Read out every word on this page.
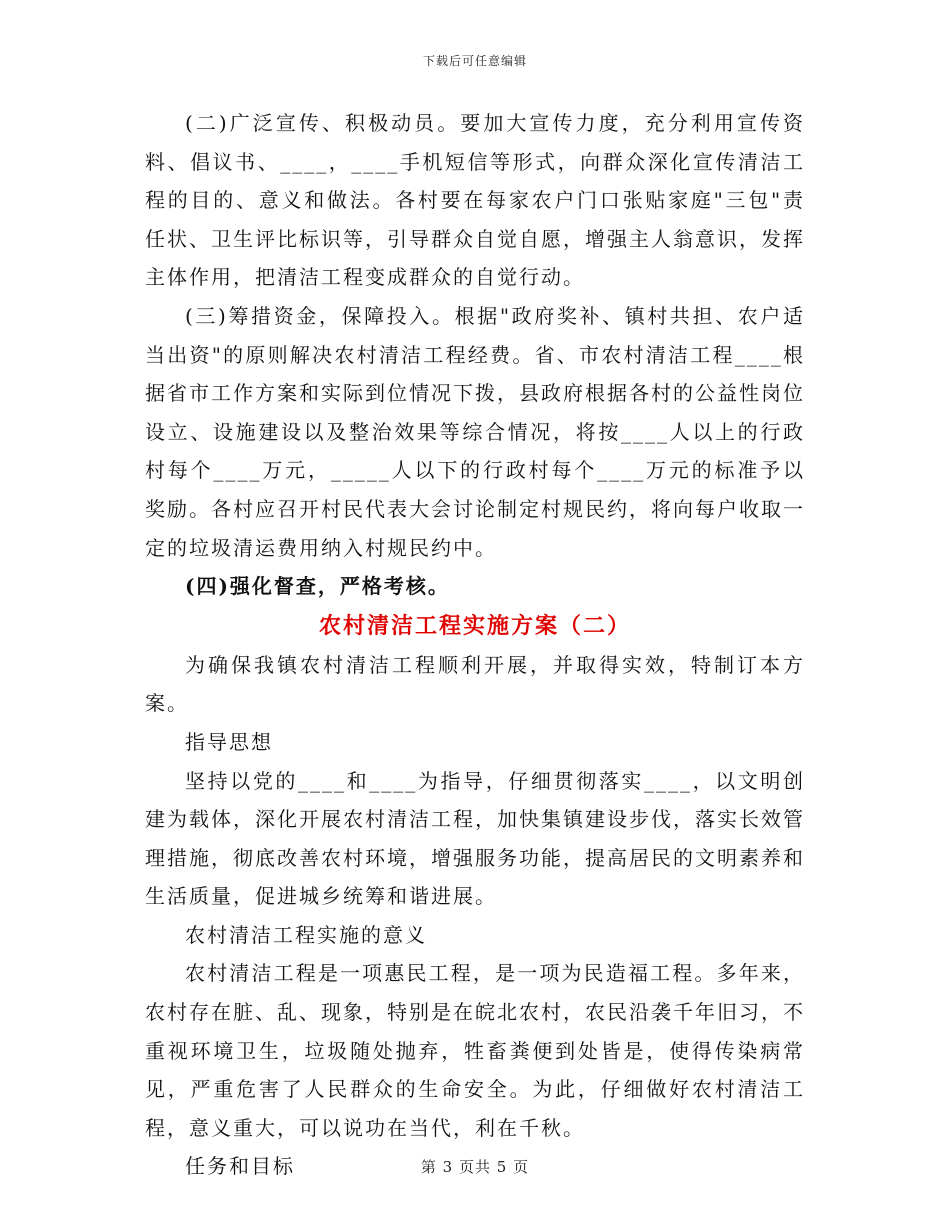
下载后可任意编辑

(二)广泛宣传、积极动员。要加大宣传力度，充分利用宣传资料、倡议书、____，____手机短信等形式，向群众深化宣传清洁工程的目的、意义和做法。各村要在每家农户门口张贴家庭"三包"责任状、卫生评比标识等，引导群众自觉自愿，增强主人翁意识，发挥主体作用，把清洁工程变成群众的自觉行动。

(三)筹措资金，保障投入。根据"政府奖补、镇村共担、农户适当出资"的原则解决农村清洁工程经费。省、市农村清洁工程____根据省市工作方案和实际到位情况下拨，县政府根据各村的公益性岗位设立、设施建设以及整治效果等综合情况，将按____人以上的行政村每个____万元，_____人以下的行政村每个____万元的标准予以奖励。各村应召开村民代表大会讨论制定村规民约，将向每户收取一定的垃圾清运费用纳入村规民约中。

(四)强化督查，严格考核。

农村清洁工程实施方案（二）

为确保我镇农村清洁工程顺利开展，并取得实效，特制订本方案。

指导思想

坚持以党的____和____为指导，仔细贯彻落实____，以文明创建为载体，深化开展农村清洁工程，加快集镇建设步伐，落实长效管理措施，彻底改善农村环境，增强服务功能，提高居民的文明素养和生活质量，促进城乡统筹和谐进展。

农村清洁工程实施的意义

农村清洁工程是一项惠民工程，是一项为民造福工程。多年来，农村存在脏、乱、现象，特别是在皖北农村，农民沿袭千年旧习，不重视环境卫生，垃圾随处抛弃，牲畜粪便到处皆是，使得传染病常见，严重危害了人民群众的生命安全。为此，仔细做好农村清洁工程，意义重大，可以说功在当代，利在千秋。

任务和目标	第 3 页共 5 页
